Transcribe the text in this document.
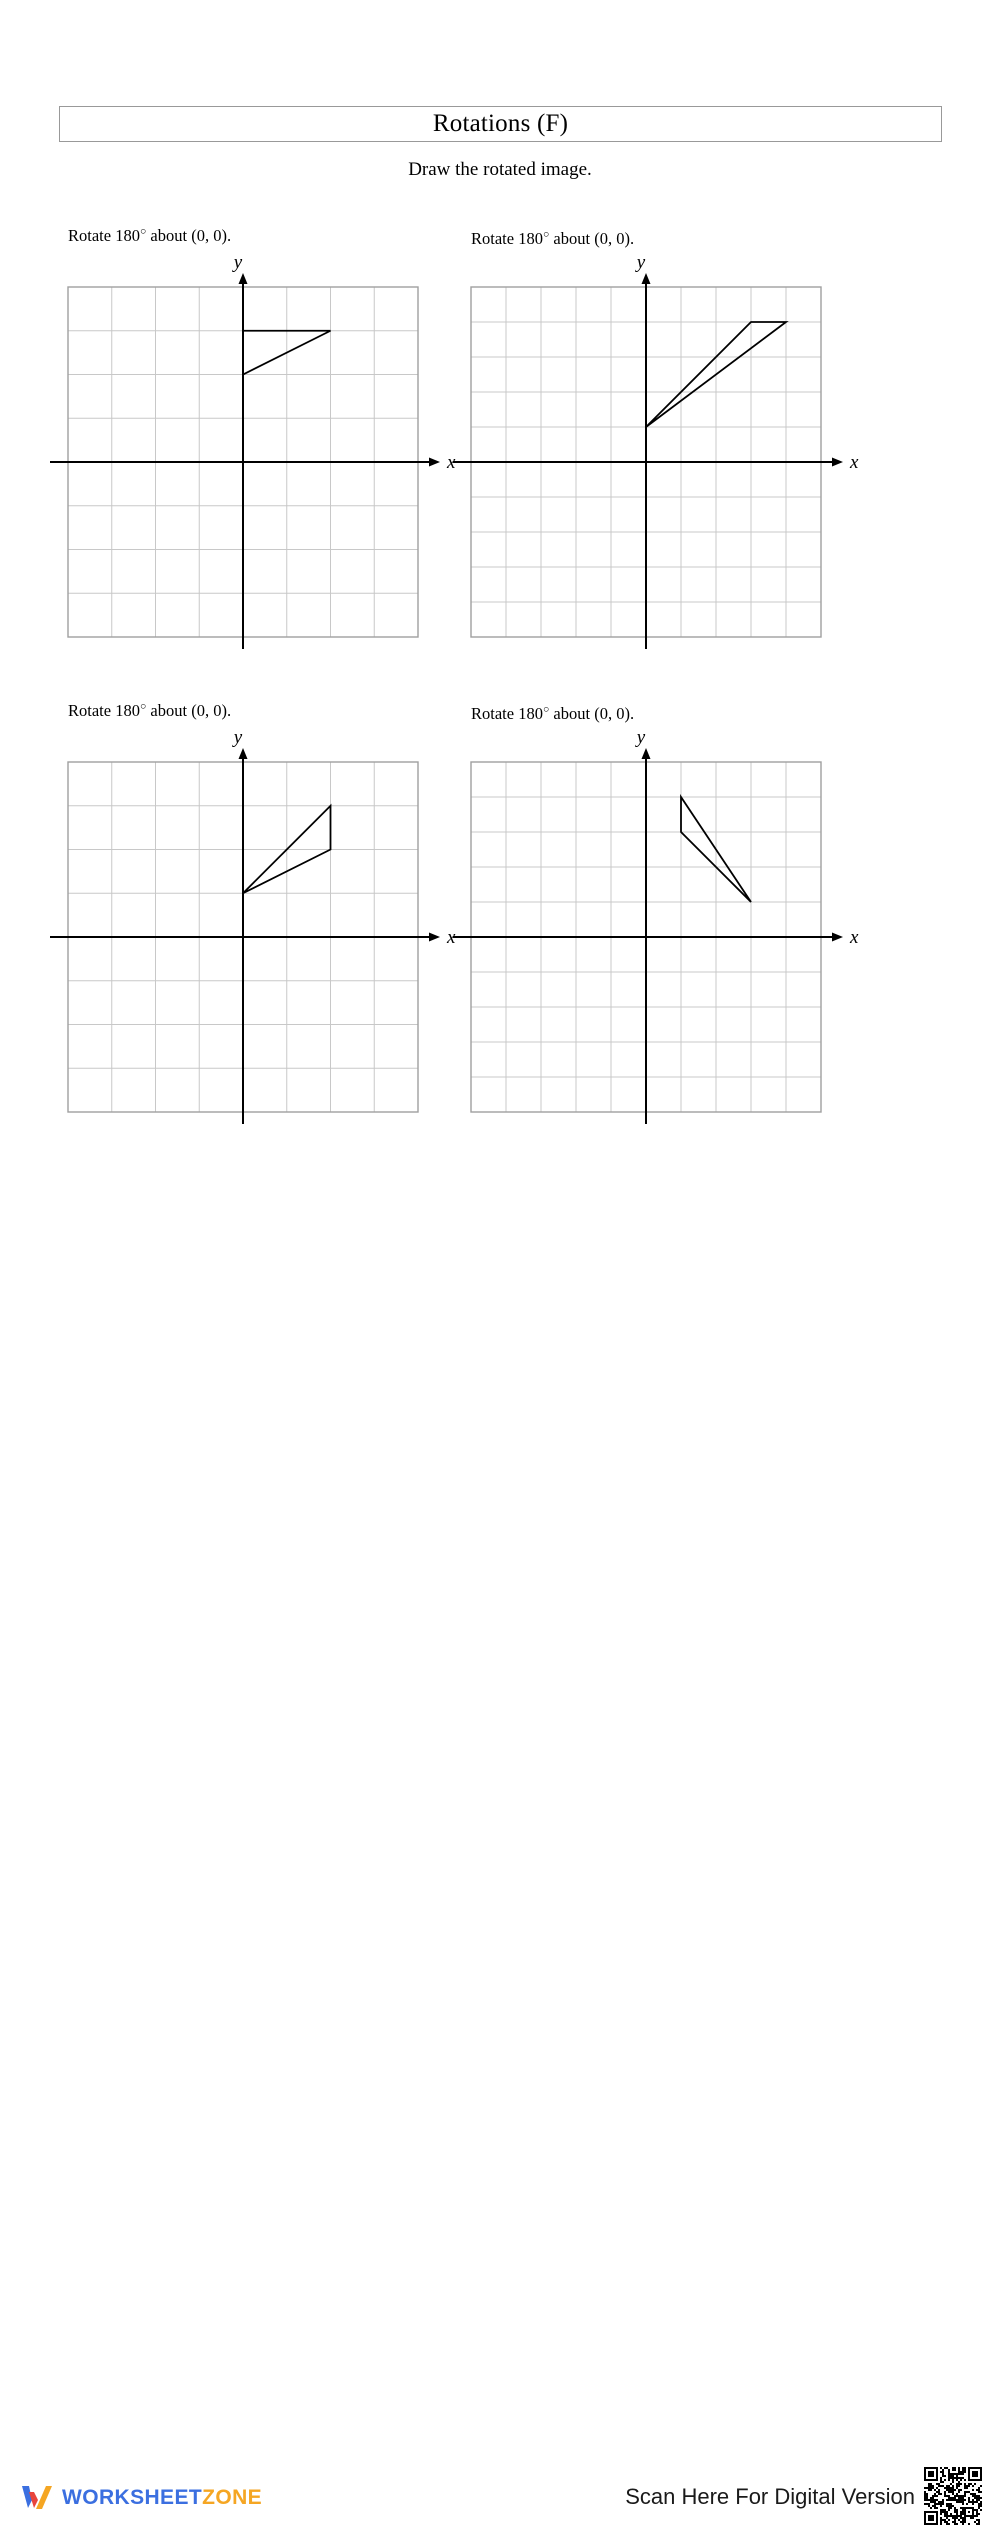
Rotations (F)
Draw the rotated image.
Rotate 180○ about (0, 0).	Rotate 180○ about (0, 0).
Rotate 180○ about (0, 0).	Rotate 180○ about (0, 0).
x
y
x
y
x
y
x
y
WORKSHEETZONE	Scan Here For Digital Version
